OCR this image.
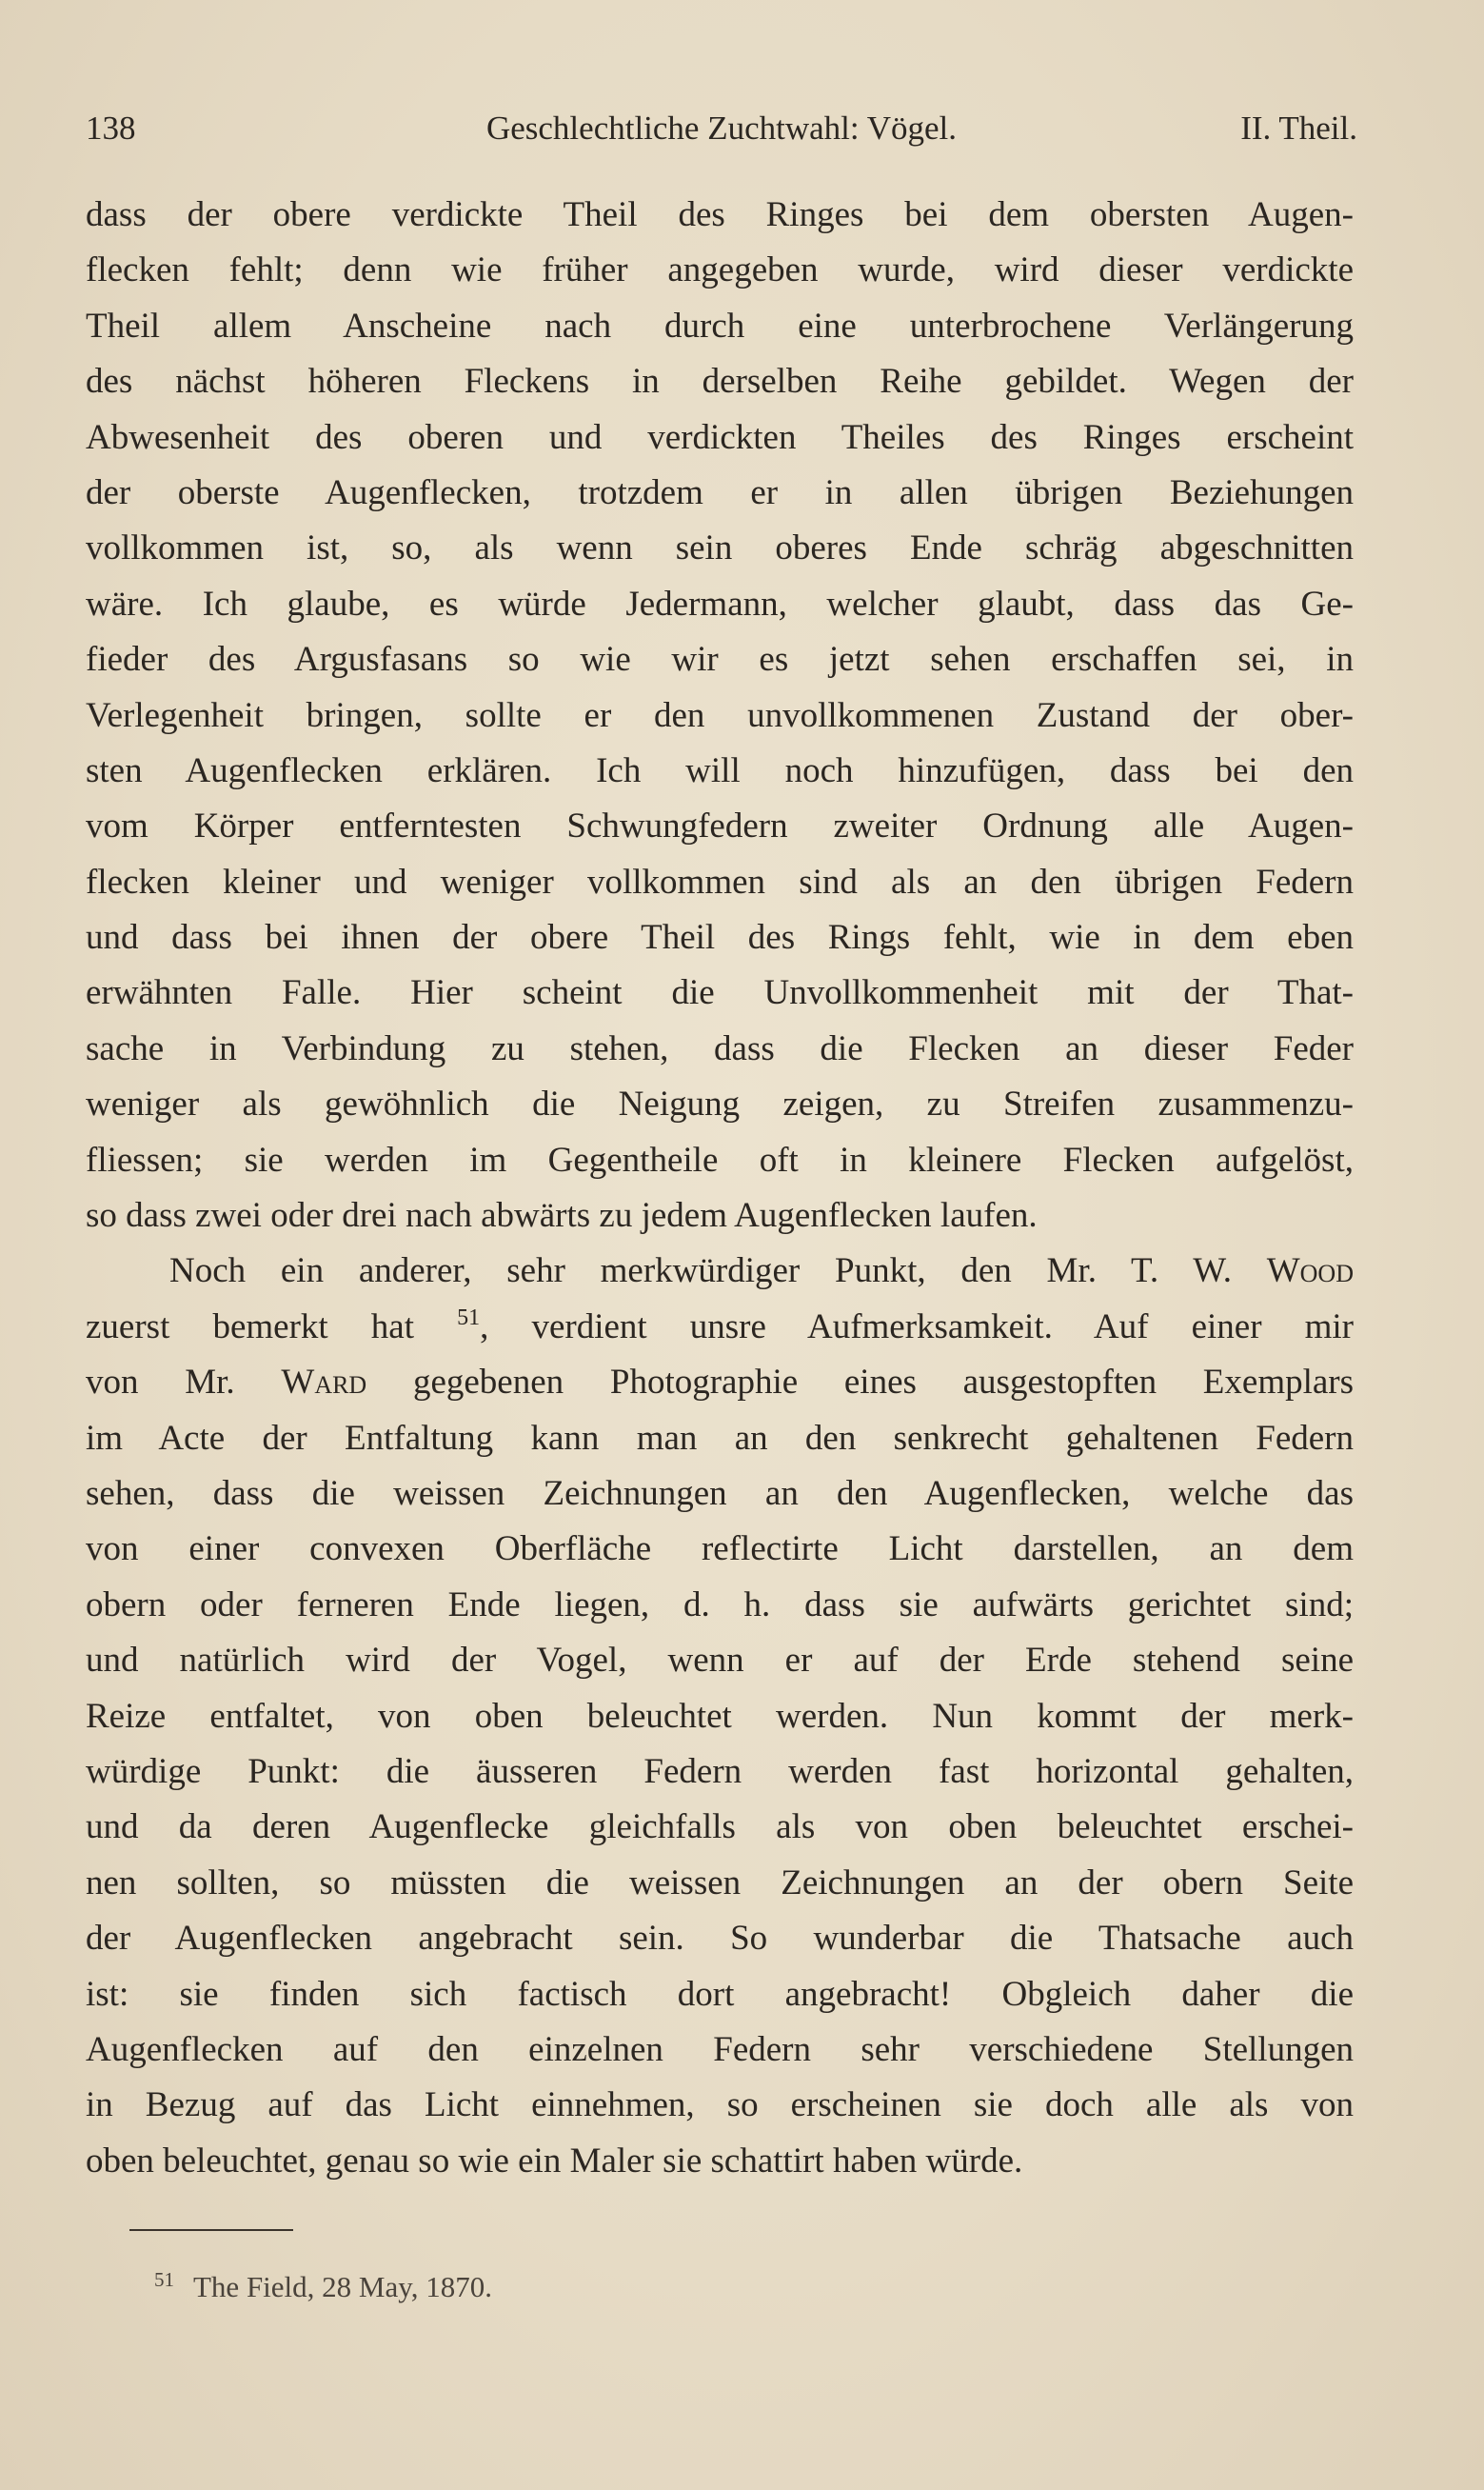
138	Geschlechtliche Zuchtwahl: Vögel.	II. Theil.
dass der obere verdickte Theil des Ringes bei dem obersten Augen-
flecken fehlt; denn wie früher angegeben wurde, wird dieser verdickte
Theil allem Anscheine nach durch eine unterbrochene Verlängerung
des nächst höheren Fleckens in derselben Reihe gebildet. Wegen der
Abwesenheit des oberen und verdickten Theiles des Ringes erscheint
der oberste Augenflecken, trotzdem er in allen übrigen Beziehungen
vollkommen ist, so, als wenn sein oberes Ende schräg abgeschnitten
wäre. Ich glaube, es würde Jedermann, welcher glaubt, dass das Ge-
fieder des Argusfasans so wie wir es jetzt sehen erschaffen sei, in
Verlegenheit bringen, sollte er den unvollkommenen Zustand der ober-
sten Augenflecken erklären. Ich will noch hinzufügen, dass bei den
vom Körper entferntesten Schwungfedern zweiter Ordnung alle Augen-
flecken kleiner und weniger vollkommen sind als an den übrigen Federn
und dass bei ihnen der obere Theil des Rings fehlt, wie in dem eben
erwähnten Falle. Hier scheint die Unvollkommenheit mit der That-
sache in Verbindung zu stehen, dass die Flecken an dieser Feder
weniger als gewöhnlich die Neigung zeigen, zu Streifen zusammenzu-
fliessen; sie werden im Gegentheile oft in kleinere Flecken aufgelöst,
so dass zwei oder drei nach abwärts zu jedem Augenflecken laufen.
Noch ein anderer, sehr merkwürdiger Punkt, den Mr. T. W. Wood
zuerst bemerkt hat $^{51}$, verdient unsre Aufmerksamkeit. Auf einer mir
von Mr. Ward gegebenen Photographie eines ausgestopften Exemplars
im Acte der Entfaltung kann man an den senkrecht gehaltenen Federn
sehen, dass die weissen Zeichnungen an den Augenflecken, welche das
von einer convexen Oberfläche reflectirte Licht darstellen, an dem
obern oder ferneren Ende liegen, d. h. dass sie aufwärts gerichtet sind;
und natürlich wird der Vogel, wenn er auf der Erde stehend seine
Reize entfaltet, von oben beleuchtet werden. Nun kommt der merk-
würdige Punkt: die äusseren Federn werden fast horizontal gehalten,
und da deren Augenflecke gleichfalls als von oben beleuchtet erschei-
nen sollten, so müssten die weissen Zeichnungen an der obern Seite
der Augenflecken angebracht sein. So wunderbar die Thatsache auch
ist: sie finden sich factisch dort angebracht! Obgleich daher die
Augenflecken auf den einzelnen Federn sehr verschiedene Stellungen
in Bezug auf das Licht einnehmen, so erscheinen sie doch alle als von
oben beleuchtet, genau so wie ein Maler sie schattirt haben würde.
$^{51}$ The Field, 28 May, 1870.
